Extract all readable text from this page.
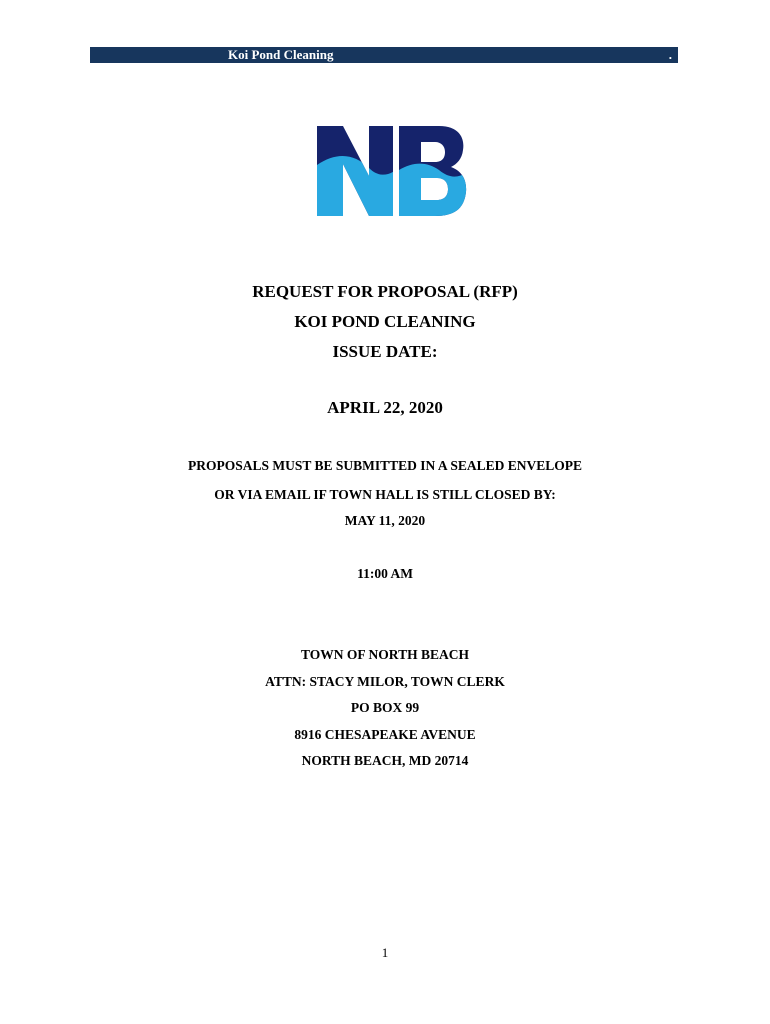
Koi Pond Cleaning	.
REQUEST FOR PROPOSAL (RFP)
KOI POND CLEANING
ISSUE DATE:
APRIL 22, 2020
PROPOSALS MUST BE SUBMITTED IN A SEALED ENVELOPE
OR VIA EMAIL IF TOWN HALL IS STILL CLOSED BY:
MAY 11, 2020
11:00 AM
TOWN OF NORTH BEACH
ATTN: STACY MILOR, TOWN CLERK
PO BOX 99
8916 CHESAPEAKE AVENUE
NORTH BEACH, MD 20714
1
